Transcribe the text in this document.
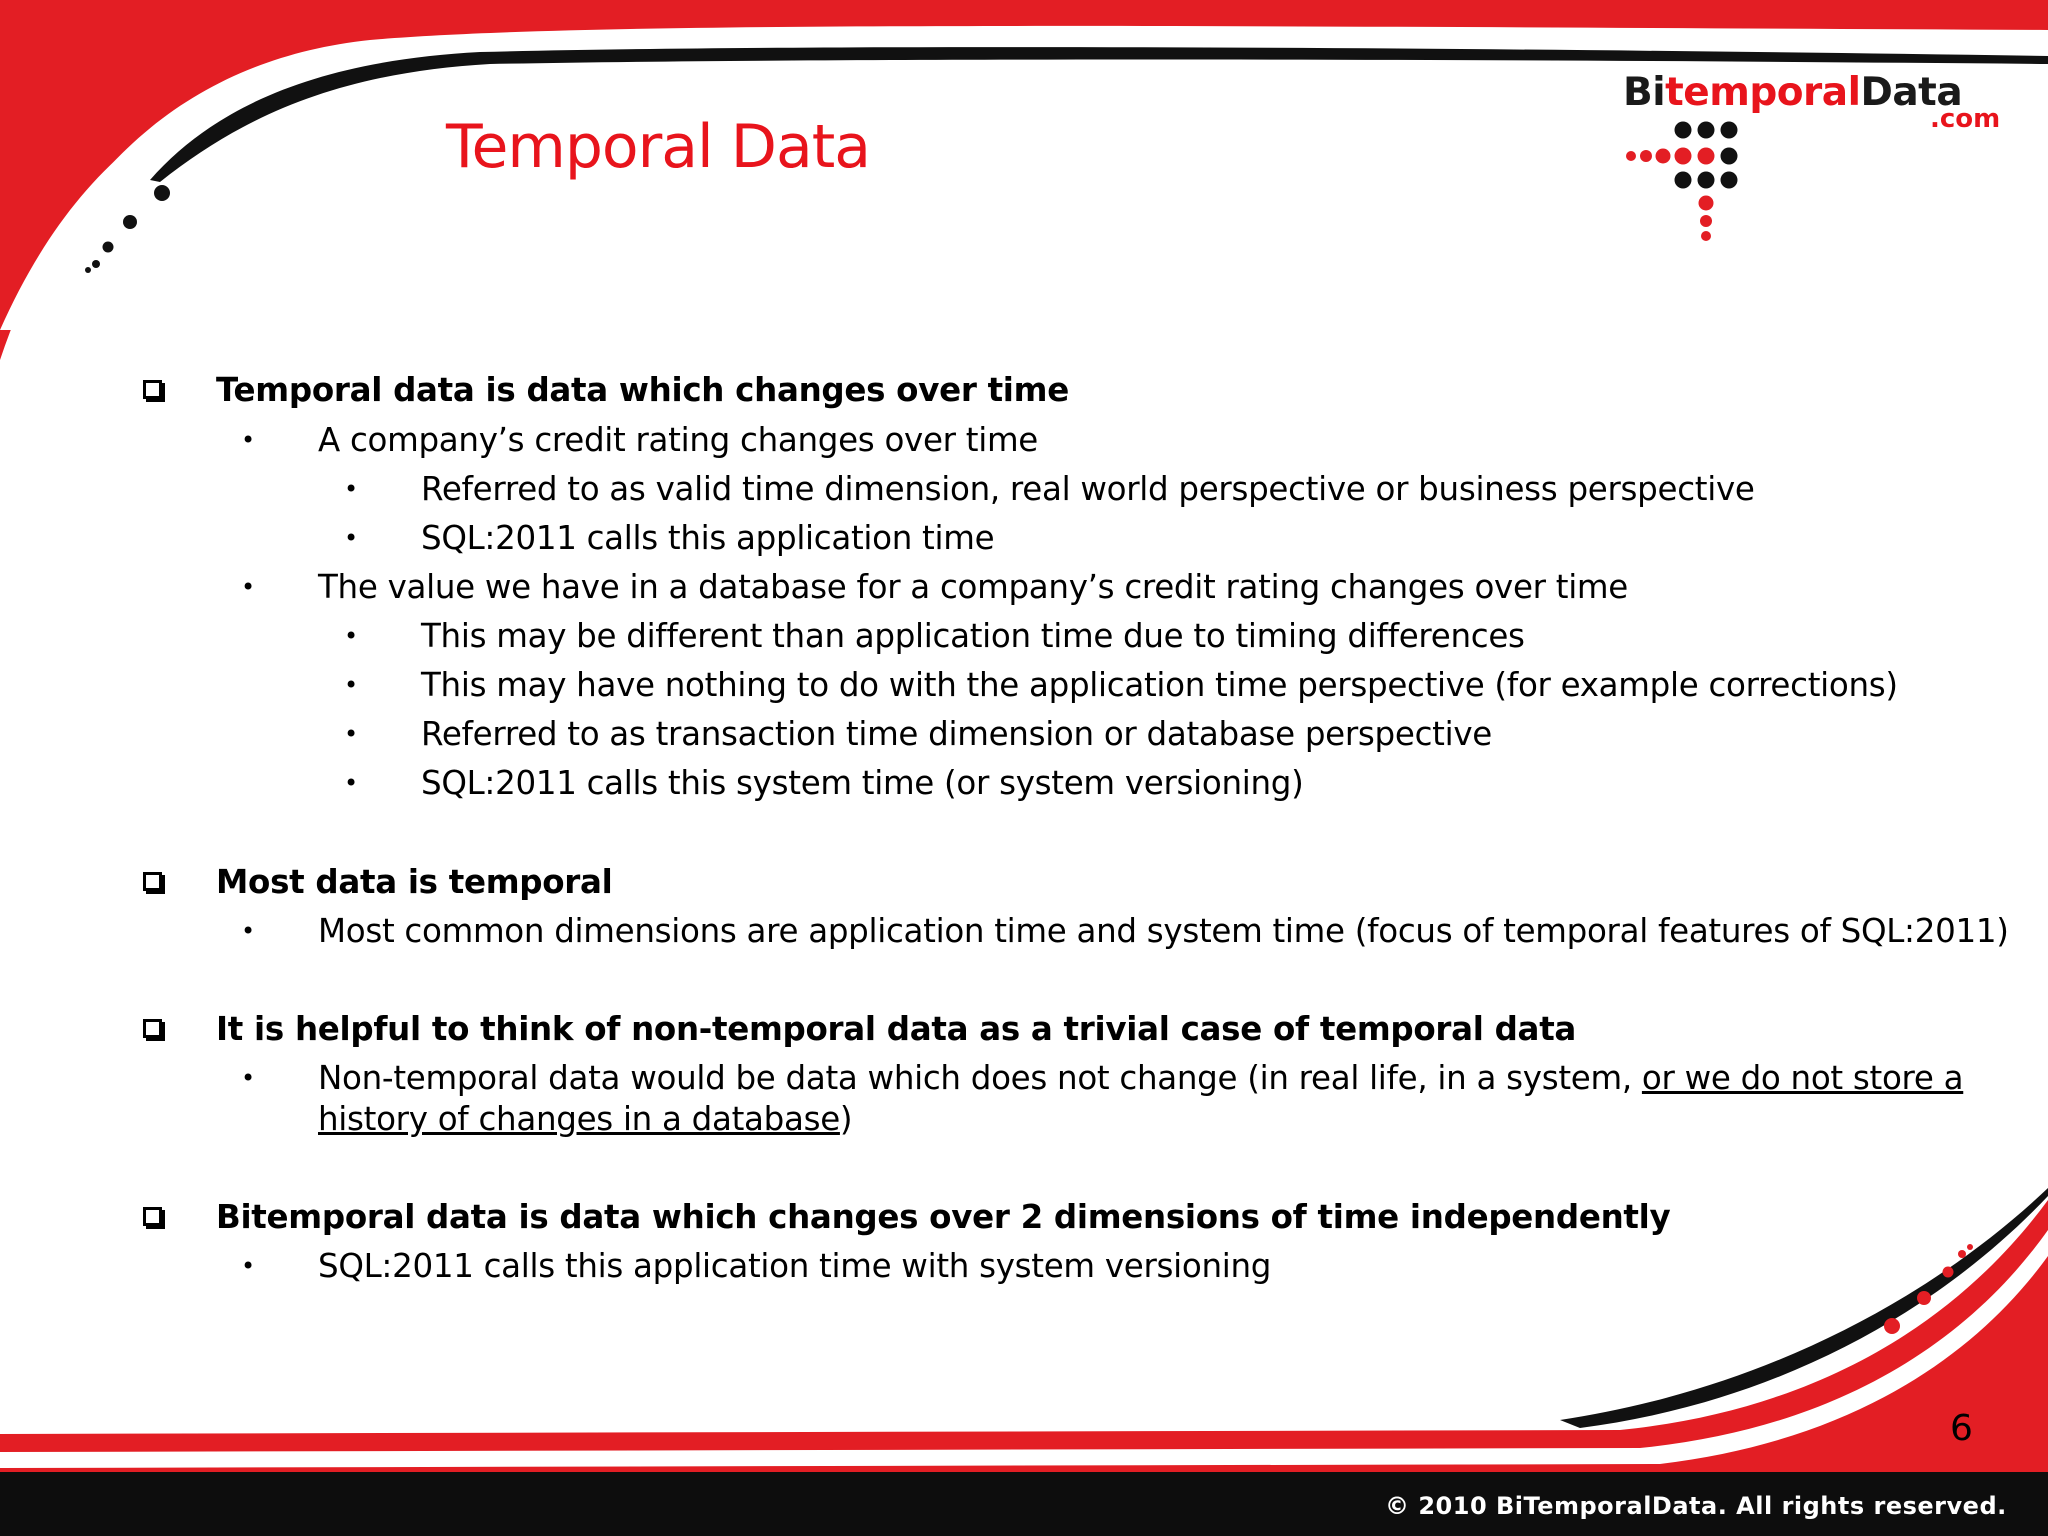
BitemporalData
.com
Temporal Data
Temporal data is data which changes over time
• A company’s credit rating changes over time
• Referred to as valid time dimension, real world perspective or business perspective
• SQL:2011 calls this application time
• The value we have in a database for a company’s credit rating changes over time
• This may be different than application time due to timing differences
• This may have nothing to do with the application time perspective (for example corrections)
• Referred to as transaction time dimension or database perspective
• SQL:2011 calls this system time (or system versioning)
Most data is temporal
• Most common dimensions are application time and system time (focus of temporal features of SQL:2011)
It is helpful to think of non-temporal data as a trivial case of temporal data
• Non-temporal data would be data which does not change (in real life, in a system, or we do not store a
history of changes in a database)
Bitemporal data is data which changes over 2 dimensions of time independently
• SQL:2011 calls this application time with system versioning
6
© 2010 BiTemporalData. All rights reserved.
